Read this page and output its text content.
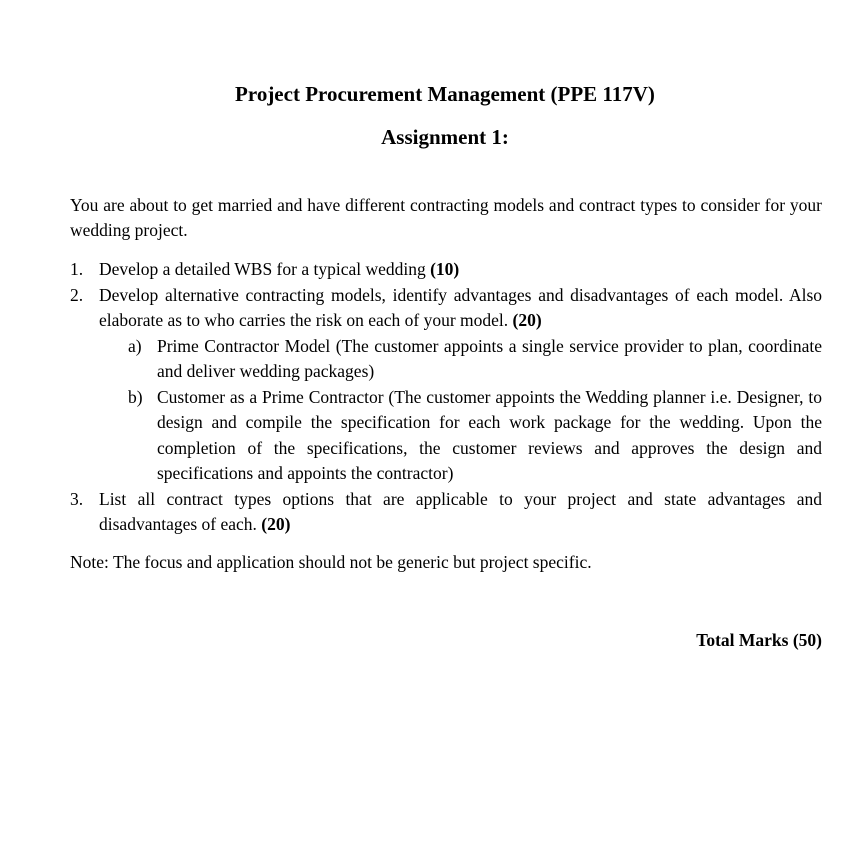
Project Procurement Management (PPE 117V)
Assignment 1:
You are about to get married and have different contracting models and contract types to consider for your wedding project.
1. Develop a detailed WBS for a typical wedding (10)
2. Develop alternative contracting models, identify advantages and disadvantages of each model. Also elaborate as to who carries the risk on each of your model. (20)
a) Prime Contractor Model (The customer appoints a single service provider to plan, coordinate and deliver wedding packages)
b) Customer as a Prime Contractor (The customer appoints the Wedding planner i.e. Designer, to design and compile the specification for each work package for the wedding. Upon the completion of the specifications, the customer reviews and approves the design and specifications and appoints the contractor)
3. List all contract types options that are applicable to your project and state advantages and disadvantages of each. (20)
Note: The focus and application should not be generic but project specific.
Total Marks (50)
